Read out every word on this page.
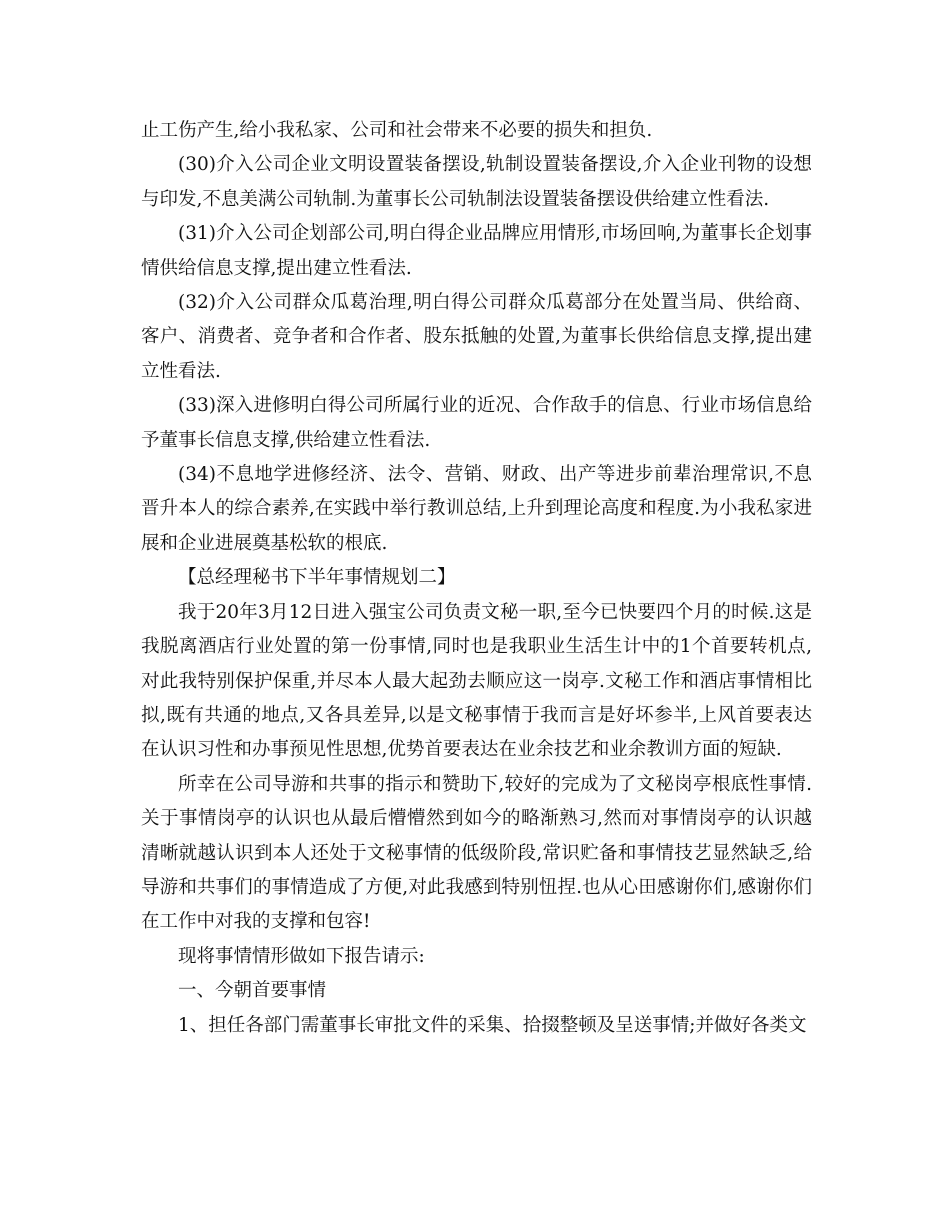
止工伤产生,给小我私家、公司和社会带来不必要的损失和担负.

(30)介入公司企业文明设置装备摆设,轨制设置装备摆设,介入企业刊物的设想与印发,不息美满公司轨制.为董事长公司轨制法设置装备摆设供给建立性看法.

(31)介入公司企划部公司,明白得企业品牌应用情形,市场回响,为董事长企划事情供给信息支撑,提出建立性看法.

(32)介入公司群众瓜葛治理,明白得公司群众瓜葛部分在处置当局、供给商、客户、消费者、竞争者和合作者、股东抵触的处置,为董事长供给信息支撑,提出建立性看法.

(33)深入进修明白得公司所属行业的近况、合作敌手的信息、行业市场信息给予董事长信息支撑,供给建立性看法.

(34)不息地学进修经济、法令、营销、财政、出产等进步前辈治理常识,不息晋升本人的综合素养,在实践中举行教训总结,上升到理论高度和程度.为小我私家进展和企业进展奠基松软的根底.

【总经理秘书下半年事情规划二】

我于20年3月12日进入强宝公司负责文秘一职,至今已快要四个月的时候.这是我脱离酒店行业处置的第一份事情,同时也是我职业生活生计中的1个首要转机点,对此我特别保护保重,并尽本人最大起劲去顺应这一岗亭.文秘工作和酒店事情相比拟,既有共通的地点,又各具差异,以是文秘事情于我而言是好坏参半,上风首要表达在认识习性和办事预见性思想,优势首要表达在业余技艺和业余教训方面的短缺.

所幸在公司导游和共事的指示和赞助下,较好的完成为了文秘岗亭根底性事情.关于事情岗亭的认识也从最后懵懵然到如今的略渐熟习,然而对事情岗亭的认识越清晰就越认识到本人还处于文秘事情的低级阶段,常识贮备和事情技艺显然缺乏,给导游和共事们的事情造成了方便,对此我感到特别忸捏.也从心田感谢你们,感谢你们在工作中对我的支撑和包容!

现将事情情形做如下报告请示:

一、今朝首要事情

1、担任各部门需董事长审批文件的采集、拾掇整顿及呈送事情;并做好各类文
